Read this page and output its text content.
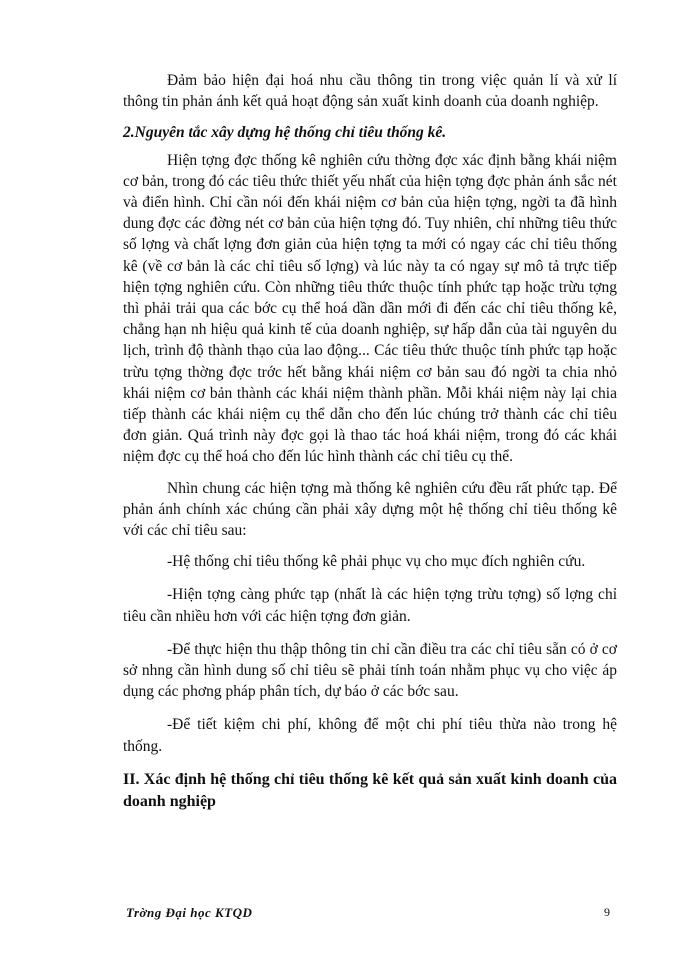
Đảm bảo hiện đại hoá nhu cầu thông tin trong việc quản lí và xử lí thông tin phản ánh kết quả hoạt động sản xuất kinh doanh của doanh nghiệp.

2.Nguyên tắc xây dựng hệ thống chỉ tiêu thống kê.

Hiện tợng đợc thống kê nghiên cứu thờng đợc xác định bằng khái niệm cơ bản, trong đó các tiêu thức thiết yếu nhất của hiện tợng đợc phản ánh sắc nét và điển hình. Chỉ cần nói đến khái niệm cơ bản của hiện tợng, ngời ta đã hình dung đợc các đờng nét cơ bản của hiện tợng đó. Tuy nhiên, chỉ những tiêu thức số lợng và chất lợng đơn giản của hiện tợng ta mới có ngay các chỉ tiêu thống kê (về cơ bản là các chỉ tiêu số lợng) và lúc này ta có ngay sự mô tả trực tiếp hiện tợng nghiên cứu. Còn những tiêu thức thuộc tính phức tạp hoặc trừu tợng thì phải trải qua các bớc cụ thể hoá dần dần mới đi đến các chỉ tiêu thống kê, chẳng hạn nh hiệu quả kinh tế của doanh nghiệp, sự hấp dẫn của tài nguyên du lịch, trình độ thành thạo của lao động... Các tiêu thức thuộc tính phức tạp hoặc trừu tợng thờng đợc trớc hết bằng khái niệm cơ bản sau đó ngời ta chia nhỏ khái niệm cơ bản thành các khái niệm thành phần. Mỗi khái niệm này lại chia tiếp thành các khái niệm cụ thể dẫn cho đến lúc chúng trở thành các chỉ tiêu đơn giản. Quá trình này đợc gọi là thao tác hoá khái niệm, trong đó các khái niệm đợc cụ thể hoá cho đến lúc hình thành các chỉ tiêu cụ thể.

Nhìn chung các hiện tợng mà thống kê nghiên cứu đều rất phức tạp. Để phản ánh chính xác chúng cần phải xây dựng một hệ thống chỉ tiêu thống kê với các chỉ tiêu sau:

-Hệ thống chỉ tiêu thống kê phải phục vụ cho mục đích nghiên cứu.

-Hiện tợng càng phức tạp (nhất là các hiện tợng trừu tợng) số lợng chỉ tiêu cần nhiều hơn với các hiện tợng đơn giản.

-Để thực hiện thu thập thông tin chỉ cần điều tra các chỉ tiêu sẵn có ở cơ sở nhng cần hình dung số chỉ tiêu sẽ phải tính toán nhằm phục vụ cho việc áp dụng các phơng pháp phân tích, dự báo ở các bớc sau.

-Để tiết kiệm chi phí, không để một chi phí tiêu thừa nào trong hệ thống.

II. Xác định hệ thống chỉ tiêu thống kê kết quả sản xuất kinh doanh của doanh nghiệp

Trờng Đại học KTQD	9
